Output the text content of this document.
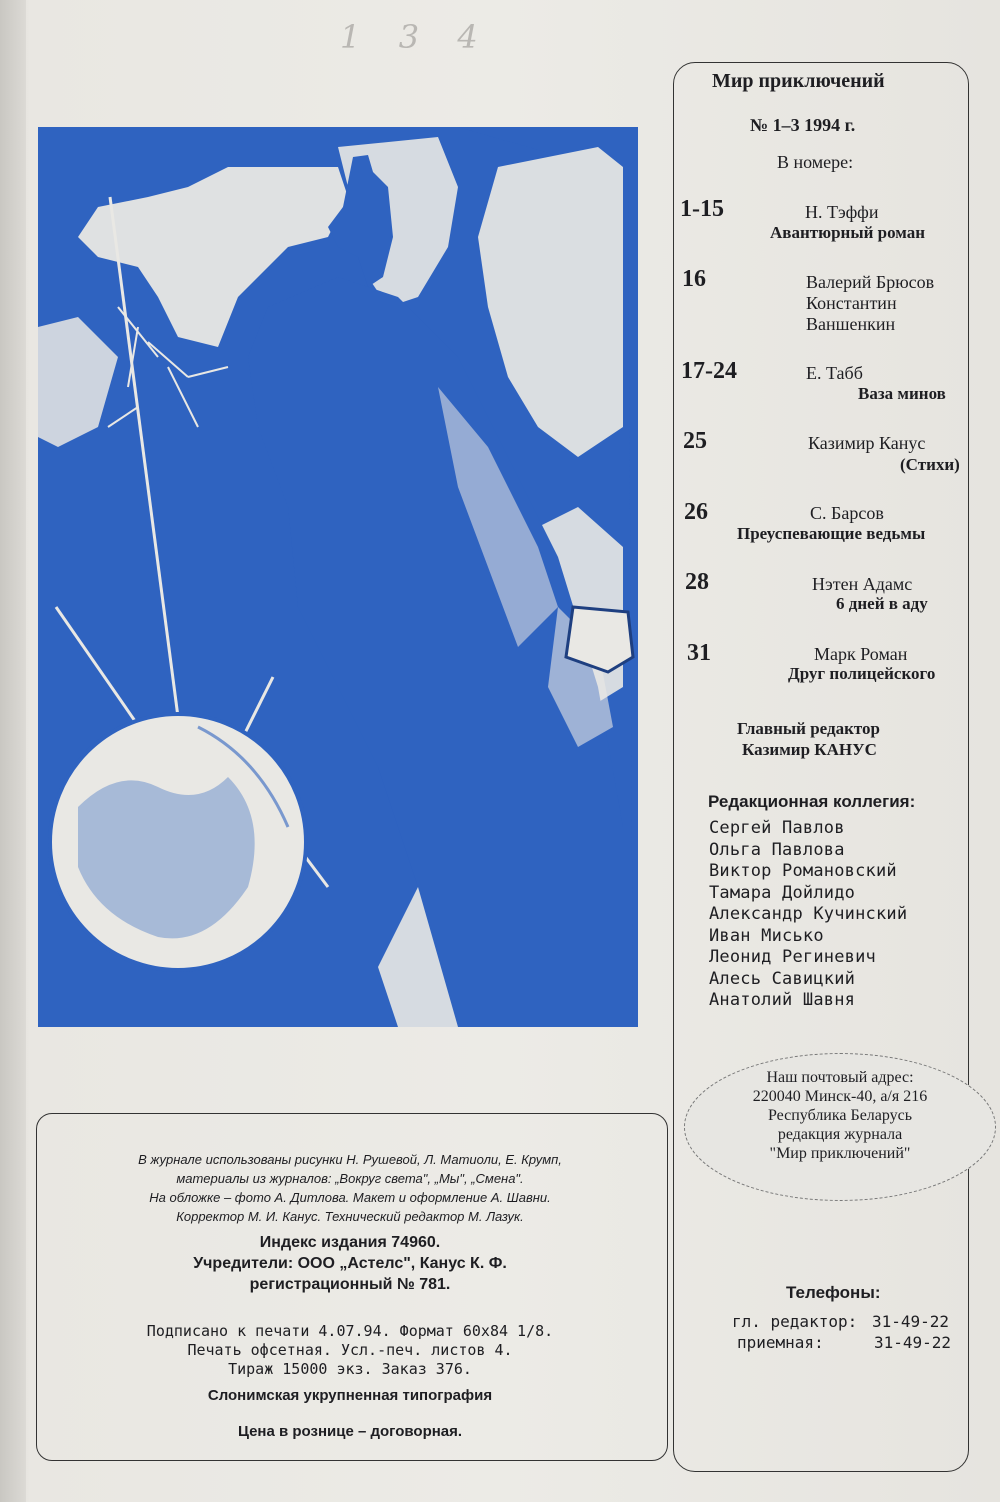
1  3  4
Мир приключений
№ 1–3 1994 г.
В номере:
1-15	Н. Тэффи
Авантюрный роман
16	Валерий Брюсов
Константин
Ваншенкин
17-24	Е. Табб
Ваза минов
25	Казимир Канус
(Стихи)
26	С. Барсов
Преуспевающие ведьмы
28	Нэтен Адамс
6 дней в аду
31	Марк Роман
Друг полицейского
Главный редактор
Казимир КАНУС
Редакционная коллегия:
Сергей Павлов
Ольга Павлова
Виктор Романовский
Тамара Дойлидо
Александр Кучинский
Иван Мисько
Леонид Региневич
Алесь Савицкий
Анатолий Шавня
Наш почтовый адрес:
220040 Минск-40, а/я 216
Республика Беларусь
редакция журнала
"Мир приключений"
Телефоны:
гл. редактор: 31-49-22
приемная:	31-49-22
В журнале использованы рисунки Н. Рушевой, Л. Матиоли, Е. Крумп,
материалы из журналов: „Вокруг света", „Мы", „Смена".
На обложке – фото А. Дитлова. Макет и оформление А. Шавни.
Корректор М. И. Канус. Технический редактор М. Лазук.
Индекс издания 74960.
Учредители: ООО „Астелс", Канус К. Ф.
регистрационный № 781.
Подписано к печати 4.07.94. Формат 60х84 1/8.
Печать офсетная. Усл.-печ. листов 4.
Тираж 15000 экз. Заказ 376.
Слонимская укрупненная типография
Цена в рознице – договорная.
